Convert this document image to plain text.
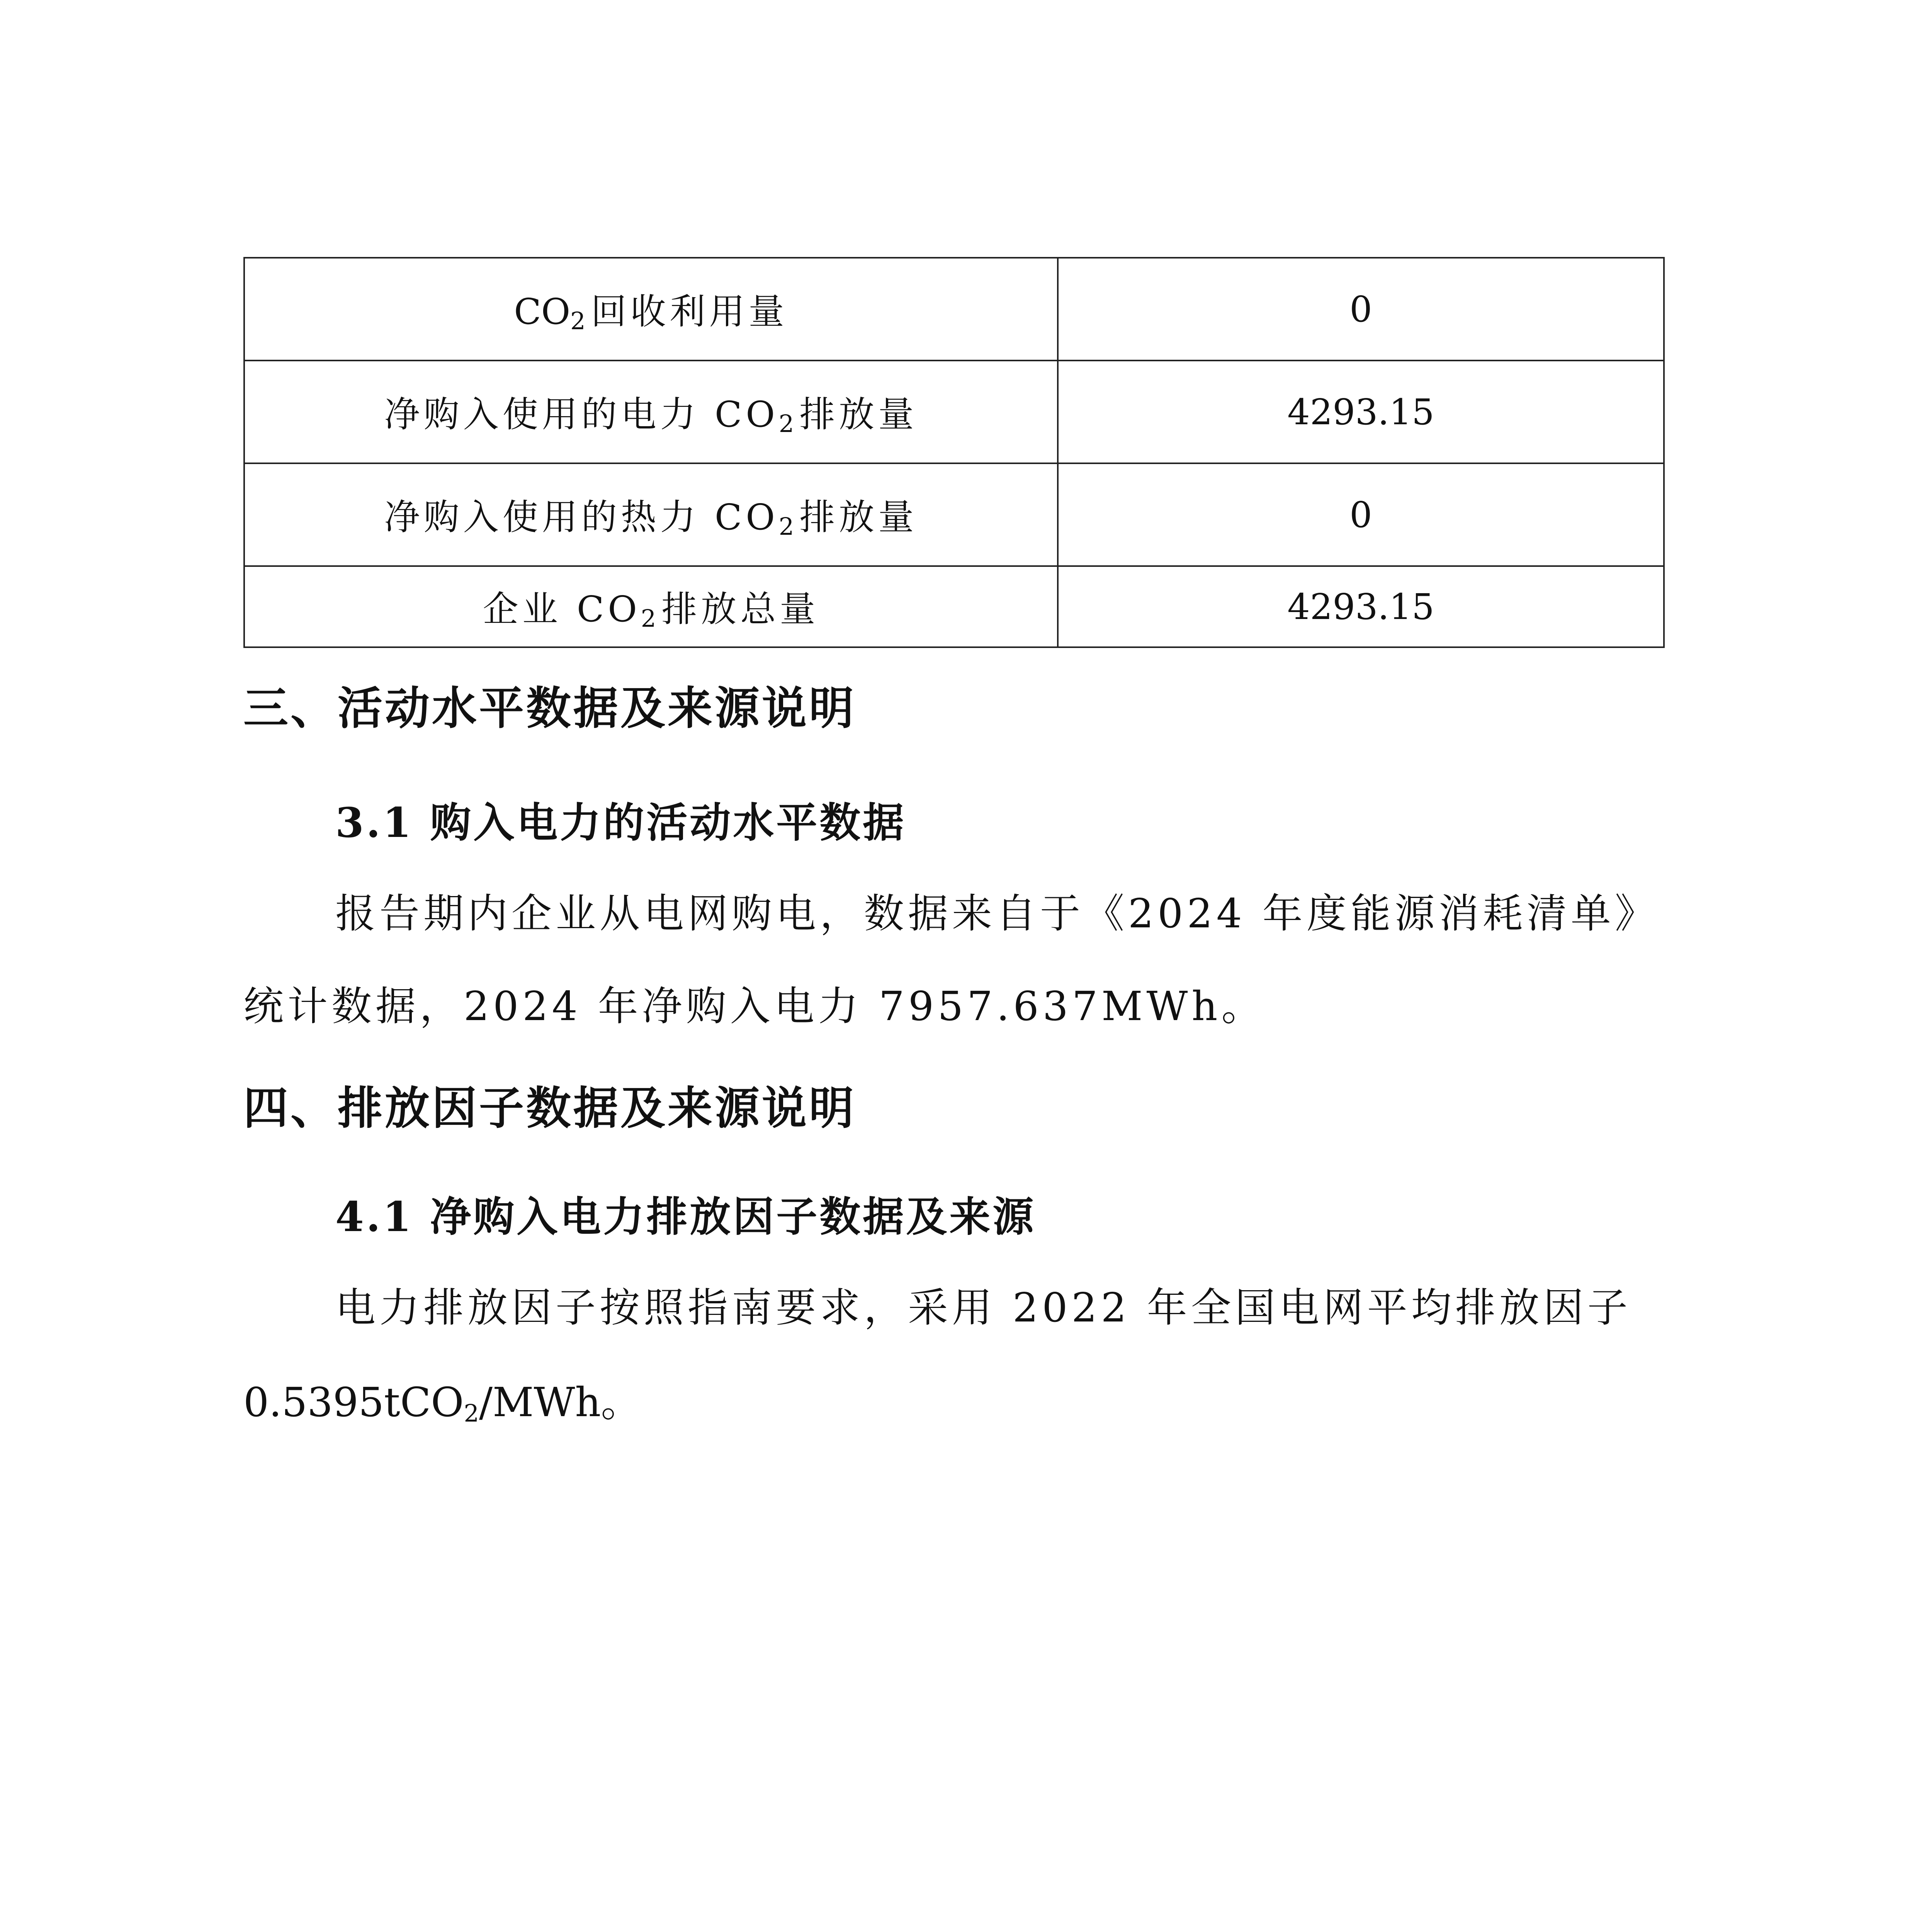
$CO_2$ 回收利用量	0
净购入使用的电力 $CO_2$ 排放量	4293.15
净购入使用的热力 $CO_2$ 排放量	0
企业 $CO_2$ 排放总量	4293.15
三、活动水平数据及来源说明
3.1 购入电力的活动水平数据
报告期内企业从电网购电，数据来自于《2024 年度能源消耗清单》
统计数据，2024 年净购入电力 7957.637MWh。
四、排放因子数据及来源说明
4.1 净购入电力排放因子数据及来源
电力排放因子按照指南要求，采用 2022 年全国电网平均排放因子
0.5395tCO$_2$/MWh。
